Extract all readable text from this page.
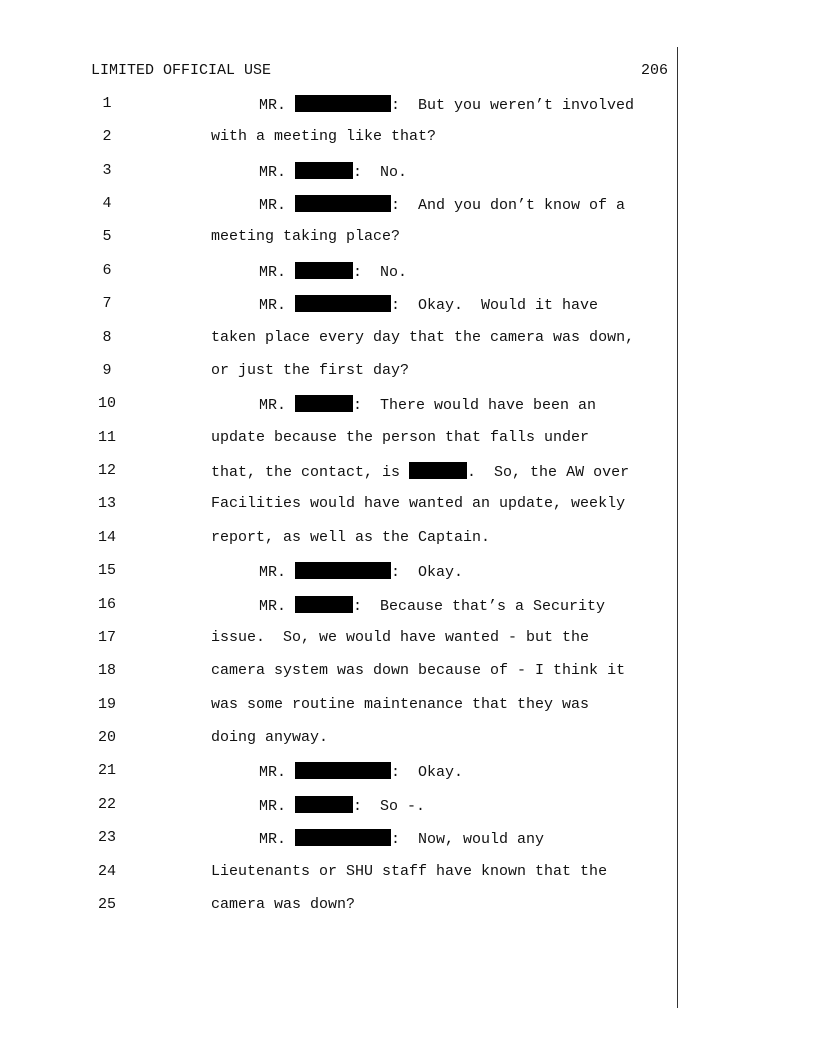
LIMITED OFFICIAL USE	206
1	MR.	:  But you weren’t involved
2	with a meeting like that?
3	MR.	:  No.
4	MR.	:  And you don’t know of a
5	meeting taking place?
6	MR.	:  No.
7	MR.	:  Okay.  Would it have
8	taken place every day that the camera was down,
9	or just the first day?
10	MR.	:  There would have been an
11	update because the person that falls under
12	that, the contact, is	.  So, the AW over
13	Facilities would have wanted an update, weekly
14	report, as well as the Captain.
15	MR.	:  Okay.
16	MR.	:  Because that’s a Security
17	issue.  So, we would have wanted - but the
18	camera system was down because of - I think it
19	was some routine maintenance that they was
20	doing anyway.
21	MR.	:  Okay.
22	MR.	:  So -.
23	MR.	:  Now, would any
24	Lieutenants or SHU staff have known that the
25	camera was down?
